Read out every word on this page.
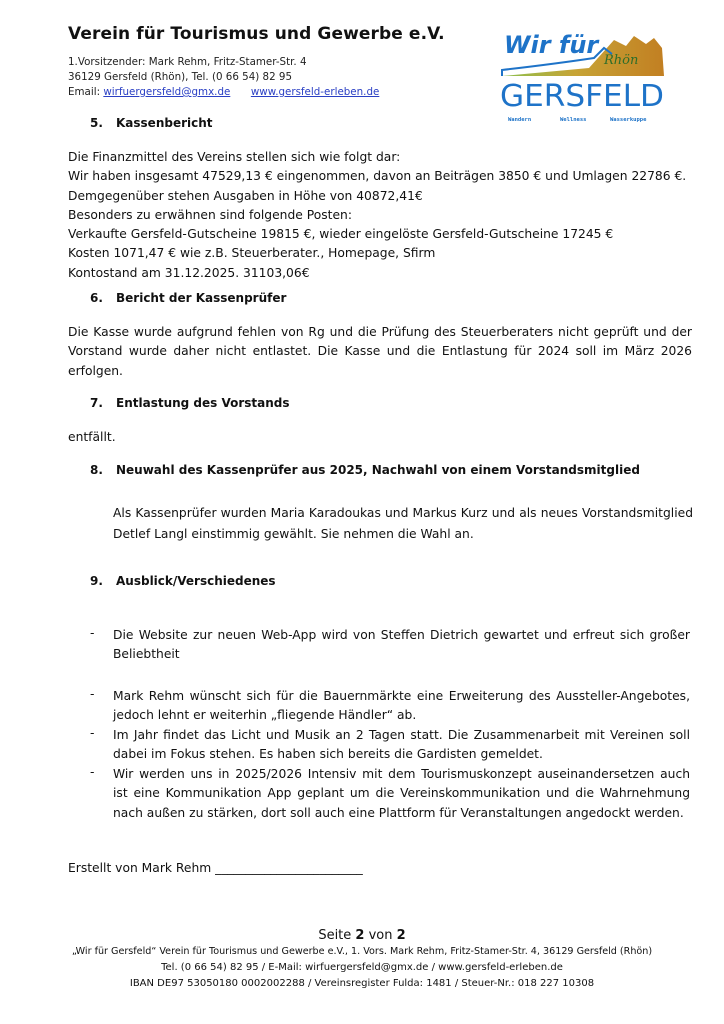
Verein für Tourismus und Gewerbe e.V.
1.Vorsitzender: Mark Rehm, Fritz-Stamer-Str. 4
36129 Gersfeld (Rhön), Tel. (0 66 54) 82 95
Email: wirfuergersfeld@gmx.de www.gersfeld-erleben.de
Wir für
Rhön
GERSFELD
Wandern	Wellness	Wasserkuppe
5. Kassenbericht
Die Finanzmittel des Vereins stellen sich wie folgt dar:
Wir haben insgesamt 47529,13 € eingenommen, davon an Beiträgen 3850 € und Umlagen 22786 €.
Demgegenüber stehen Ausgaben in Höhe von 40872,41€
Besonders zu erwähnen sind folgende Posten:
Verkaufte Gersfeld-Gutscheine 19815 €, wieder eingelöste Gersfeld-Gutscheine 17245 €
Kosten 1071,47 € wie z.B. Steuerberater., Homepage, Sfirm
Kontostand am 31.12.2025. 31103,06€
6. Bericht der Kassenprüfer
Die Kasse wurde aufgrund fehlen von Rg und die Prüfung des Steuerberaters nicht geprüft und der Vorstand wurde daher nicht entlastet. Die Kasse und die Entlastung für 2024 soll im März 2026 erfolgen.
7. Entlastung des Vorstands
entfällt.
8. Neuwahl des Kassenprüfer aus 2025, Nachwahl von einem Vorstandsmitglied
Als Kassenprüfer wurden Maria Karadoukas und Markus Kurz und als neues Vorstandsmitglied Detlef Langl einstimmig gewählt. Sie nehmen die Wahl an.
9. Ausblick/Verschiedenes
- Die Website zur neuen Web-App wird von Steffen Dietrich gewartet und erfreut sich großer Beliebtheit
- Mark Rehm wünscht sich für die Bauernmärkte eine Erweiterung des Aussteller-Angebotes, jedoch lehnt er weiterhin „fliegende Händler“ ab.
- Im Jahr findet das Licht und Musik an 2 Tagen statt. Die Zusammenarbeit mit Vereinen soll dabei im Fokus stehen. Es haben sich bereits die Gardisten gemeldet.
- Wir werden uns in 2025/2026 Intensiv mit dem Tourismuskonzept auseinandersetzen auch ist eine Kommunikation App geplant um die Vereinskommunikation und die Wahrnehmung nach außen zu stärken, dort soll auch eine Plattform für Veranstaltungen angedockt werden.
Erstellt von Mark Rehm ________________________
Seite 2 von 2
„Wir für Gersfeld“ Verein für Tourismus und Gewerbe e.V., 1. Vors. Mark Rehm, Fritz-Stamer-Str. 4, 36129 Gersfeld (Rhön)
Tel. (0 66 54) 82 95 / E-Mail: wirfuergersfeld@gmx.de / www.gersfeld-erleben.de
IBAN DE97 53050180 0002002288 / Vereinsregister Fulda: 1481 / Steuer-Nr.: 018 227 10308
